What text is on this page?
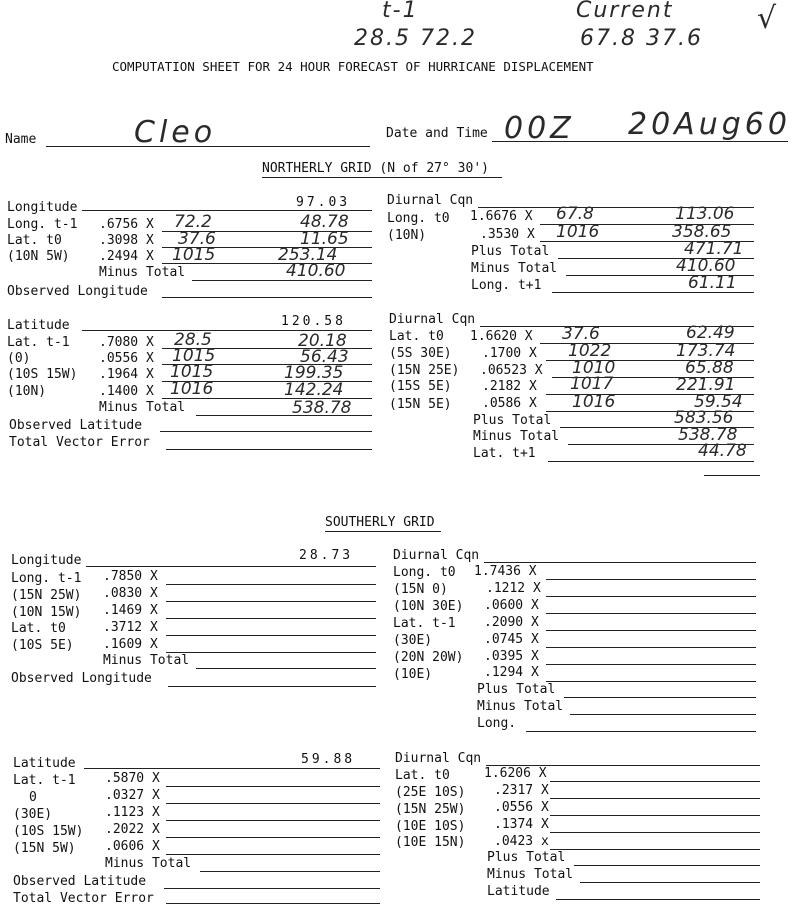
t-1
28.5 72.2
Current
67.8 37.6
√
COMPUTATION SHEET FOR 24 HOUR FORECAST OF HURRICANE DISPLACEMENT
Name	Cleo	Date and Time 00Z 20Aug60
NORTHERLY GRID (N of 27° 30')
Longitude	97.03
Long. t-1 .6756 X 72.2	48.78
Lat. t0	.3098 X 37.6	11.65
(10N 5W) .2494 X 1015	253.14
Minus Total	410.60
Observed Longitude
Latitude	120.58
Lat. t-1 .7080 X 28.5	20.18
(0)	.0556 X 1015	56.43
(10S 15W) .1964 X 1015	199.35
(10N)	.1400 X 1016	142.24
Minus Total	538.78
Observed Latitude
Total Vector Error
Diurnal Cqn
Long. t0 1.6676 X 67.8	113.06
(10N)	.3530 X 1016	358.65
Plus Total	471.71
Minus Total	410.60
Long. t+1	61.11
Diurnal Cqn
Lat. t0 1.6620 X 37.6	62.49
(5S 30E) .1700 X 1022	173.74
(15N 25E) .06523 X 1010	65.88
(15S 5E) .2182 X 1017	221.91
(15N 5E) .0586 X 1016	59.54
Plus Total	583.56
Minus Total	538.78
Lat. t+1	44.78
SOUTHERLY GRID
Longitude	28.73
Long. t-1 .7850 X
(15N 25W) .0830 X
(10N 15W) .1469 X
Lat. t0	.3712 X
(10S 5E) .1609 X
Minus Total
Observed Longitude
Latitude	59.88
Lat. t-1 .5870 X
0	.0327 X
(30E)	.1123 X
(10S 15W) .2022 X
(15N 5W) .0606 X
Minus Total
Observed Latitude
Total Vector Error
Diurnal Cqn
Long. t0 1.7436 X
(15N 0)	.1212 X
(10N 30E) .0600 X
Lat. t-1 .2090 X
(30E)	.0745 X
(20N 20W) .0395 X
(10E)	.1294 X
Plus Total
Minus Total
Long.
Diurnal Cqn
Lat. t0	1.6206 X
(25E 10S) .2317 X
(15N 25W) .0556 X
(10E 10S) .1374 X
(10E 15N) .0423 x
Plus Total
Minus Total
Latitude
